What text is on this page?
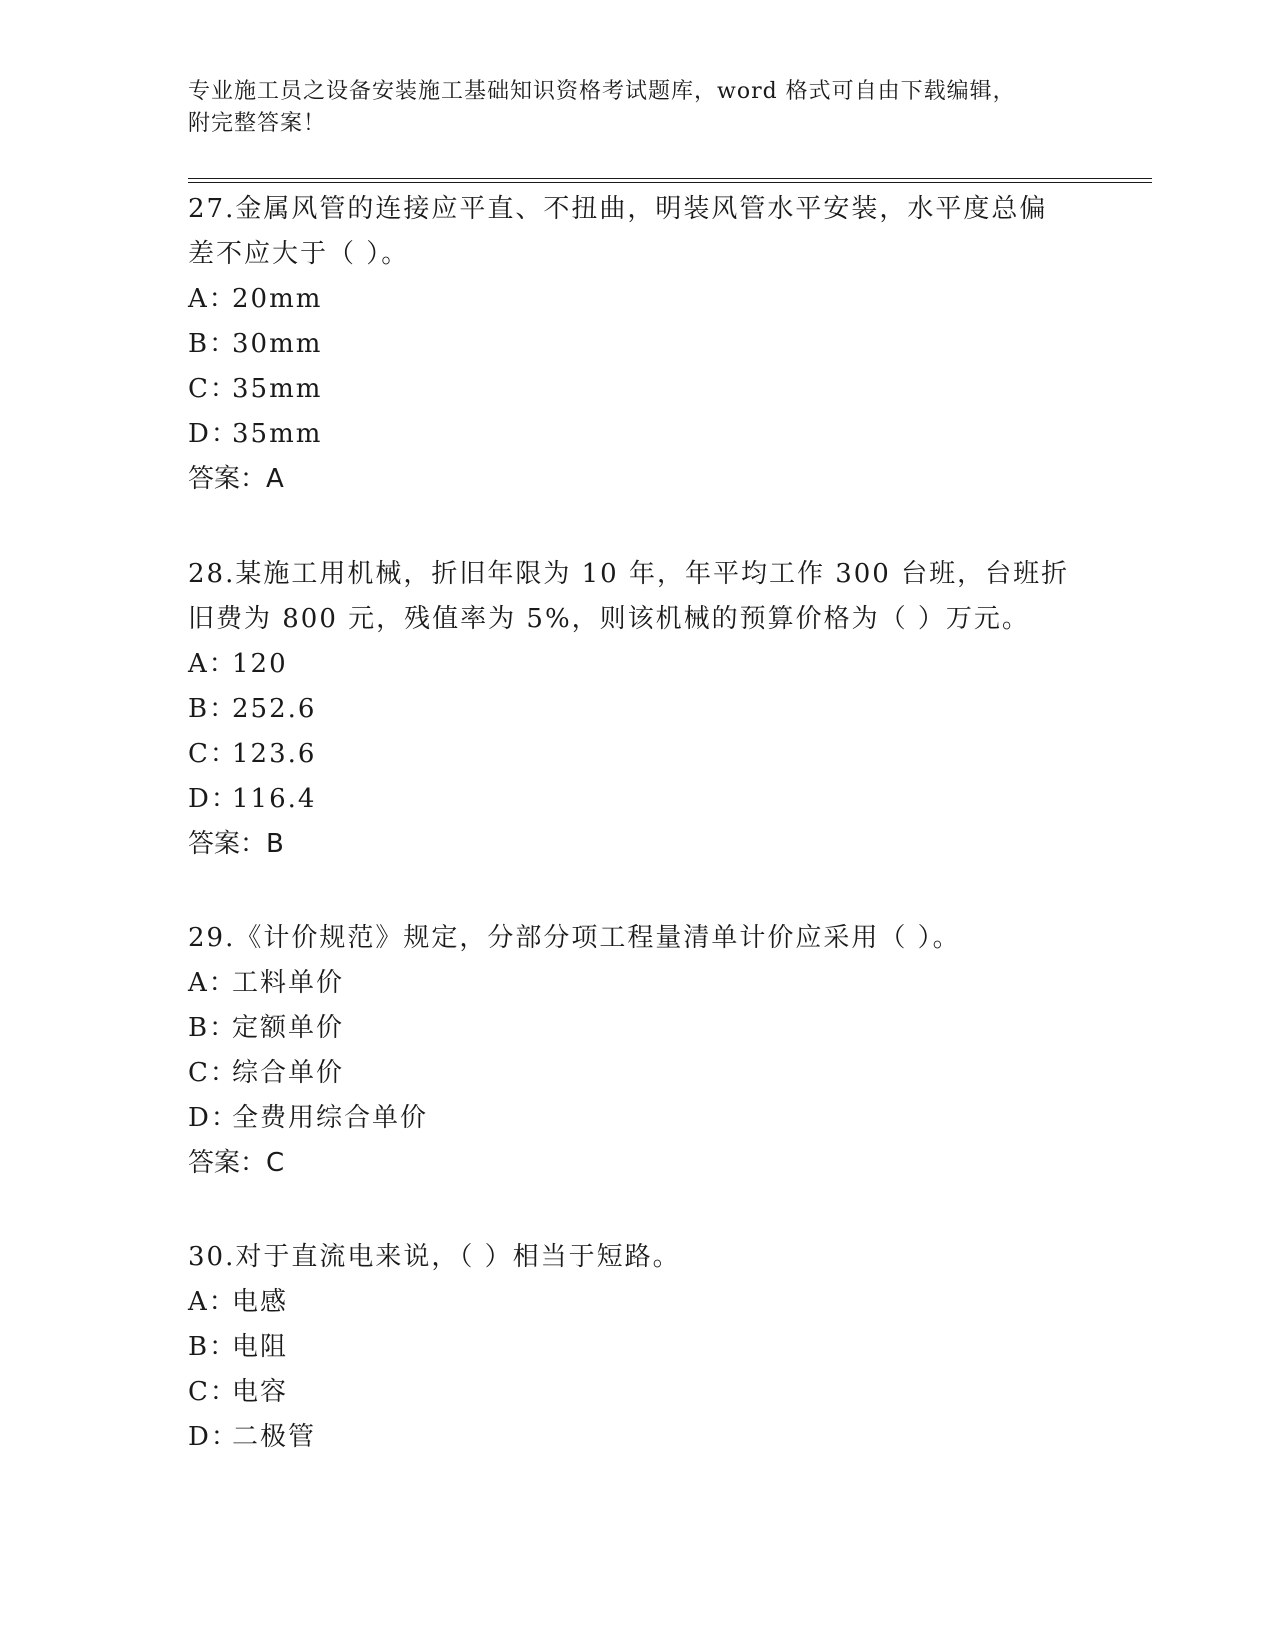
专业施工员之设备安装施工基础知识资格考试题库，word 格式可自由下载编辑，
附完整答案！

27.金属风管的连接应平直、不扭曲，明装风管水平安装，水平度总偏

差不应大于（ ）。

A：20mm

B：30mm

C：35mm

D：35mm

答案：A

28.某施工用机械，折旧年限为 10 年，年平均工作 300 台班，台班折

旧费为 800 元，残值率为 5%，则该机械的预算价格为（ ）万元。

A：120

B：252.6

C：123.6

D：116.4

答案：B

29.《计价规范》规定，分部分项工程量清单计价应采用（ ）。

A：工料单价

B：定额单价

C：综合单价

D：全费用综合单价

答案：C

30.对于直流电来说，（ ）相当于短路。

A：电感

B：电阻

C：电容

D：二极管
